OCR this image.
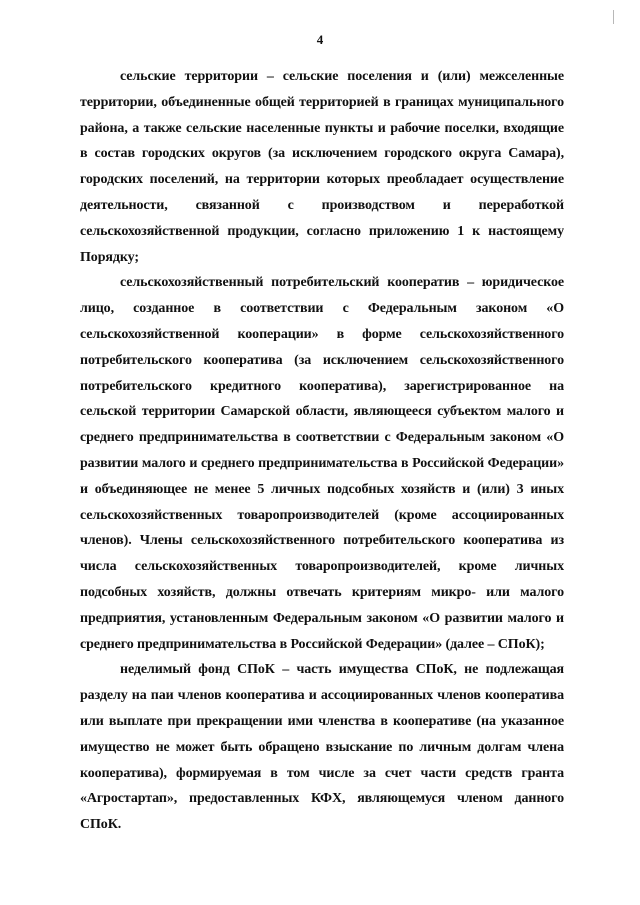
4

сельские территории – сельские поселения и (или) межселенные территории, объединенные общей территорией в границах муниципального района, а также сельские населенные пункты и рабочие поселки, входящие в состав городских округов (за исключением городского округа Самара), городских поселений, на территории которых преобладает осуществление деятельности, связанной с производством и переработкой сельскохозяйственной продукции, согласно приложению 1 к настоящему Порядку;

сельскохозяйственный потребительский кооператив – юридическое лицо, созданное в соответствии с Федеральным законом «О сельскохозяйственной кооперации» в форме сельскохозяйственного потребительского кооператива (за исключением сельскохозяйственного потребительского кредитного кооператива), зарегистрированное на сельской территории Самарской области, являющееся субъектом малого и среднего предпринимательства в соответствии с Федеральным законом «О развитии малого и среднего предпринимательства в Российской Федерации» и объединяющее не менее 5 личных подсобных хозяйств и (или) 3 иных сельскохозяйственных товаропроизводителей (кроме ассоциированных членов). Члены сельскохозяйственного потребительского кооператива из числа сельскохозяйственных товаропроизводителей, кроме личных подсобных хозяйств, должны отвечать критериям микро- или малого предприятия, установленным Федеральным законом «О развитии малого и среднего предпринимательства в Российской Федерации» (далее – СПоК);

неделимый фонд СПоК – часть имущества СПоК, не подлежащая разделу на паи членов кооператива и ассоциированных членов кооператива или выплате при прекращении ими членства в кооперативе (на указанное имущество не может быть обращено взыскание по личным долгам члена кооператива), формируемая в том числе за счет части средств гранта «Агростартап», предоставленных КФХ, являющемуся членом данного СПоК.
